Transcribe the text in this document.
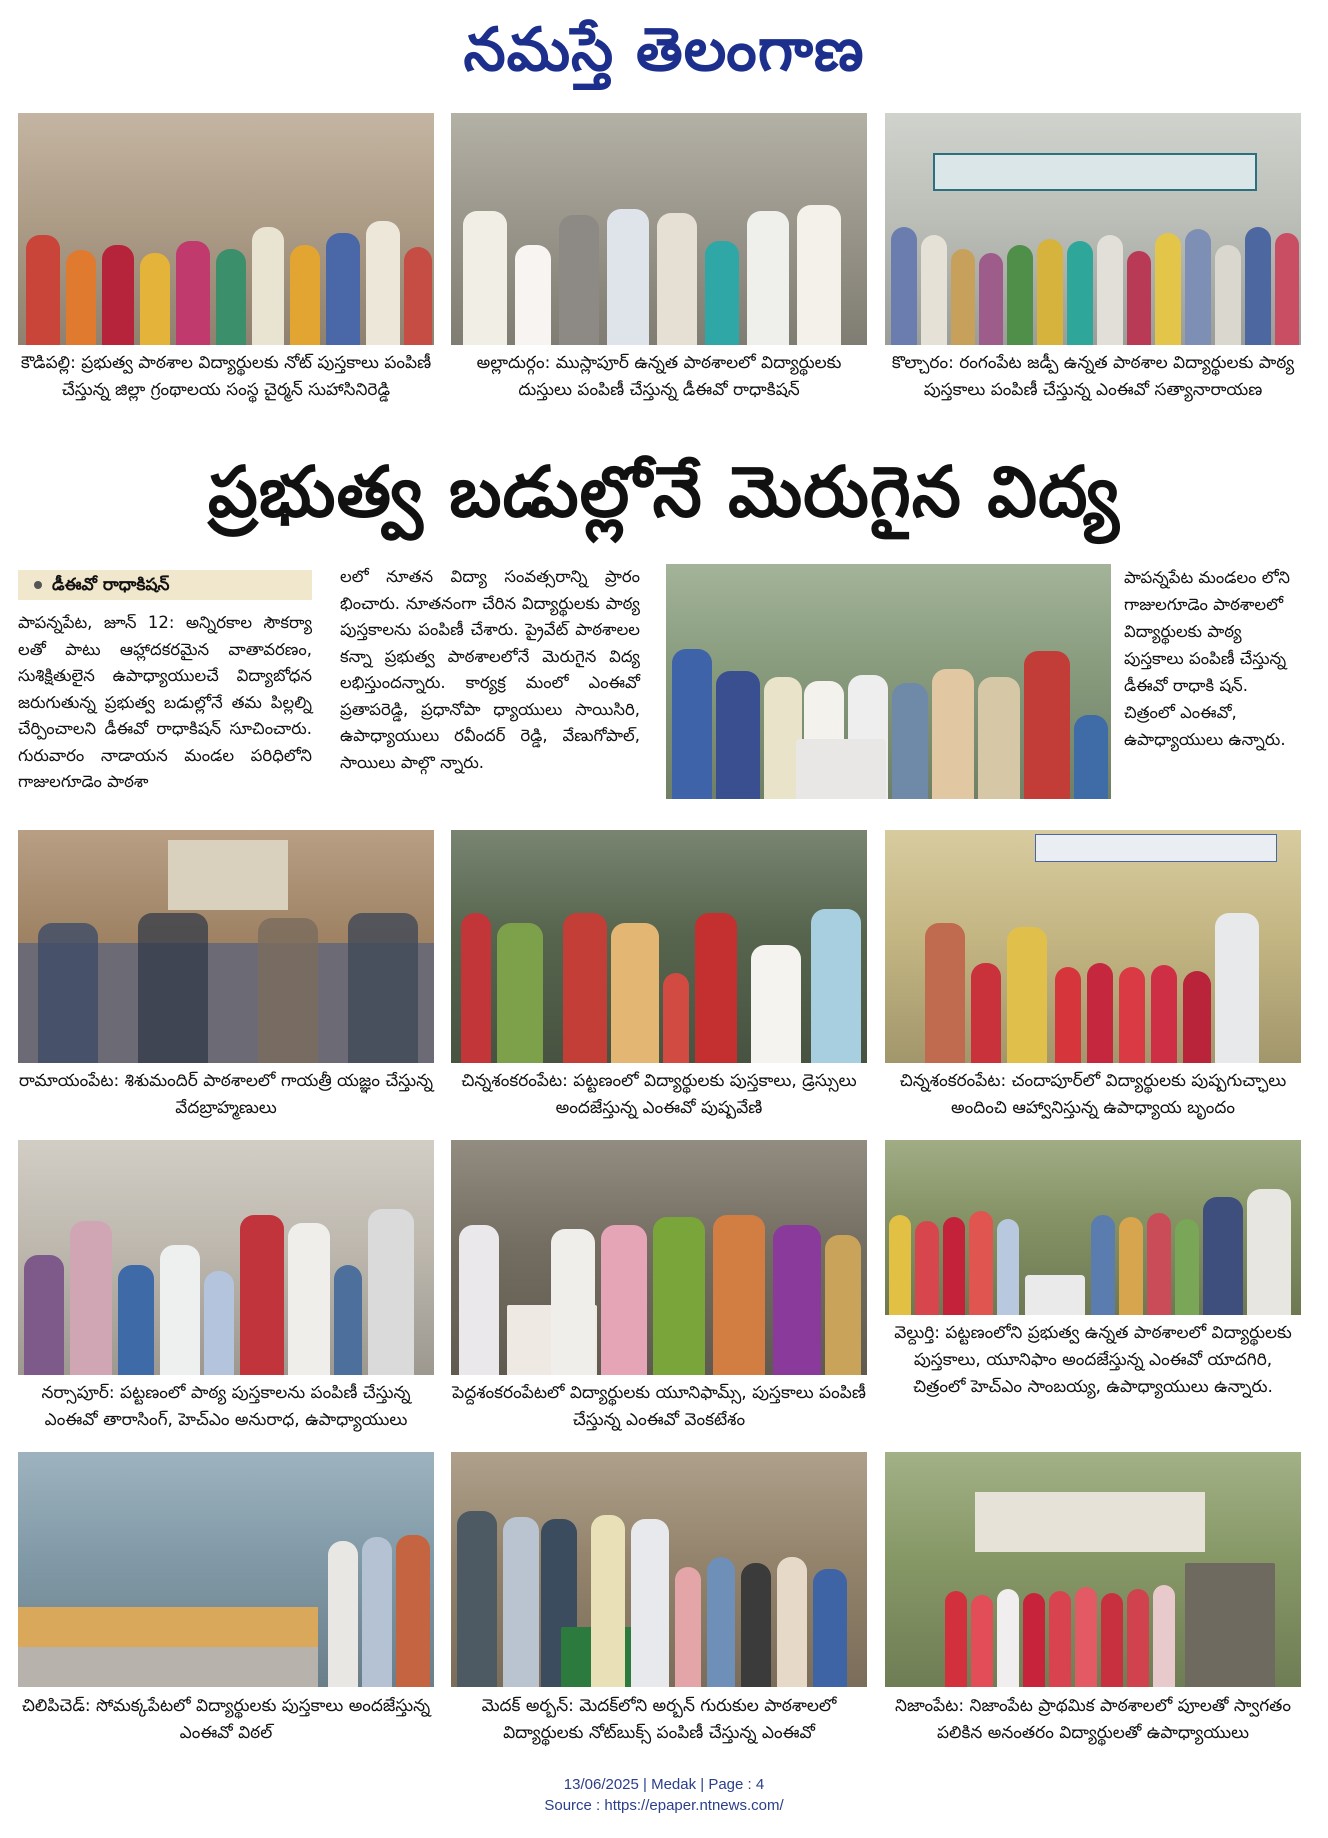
నమస్తే తెలంగాణ
కౌడిపల్లి: ప్రభుత్వ పాఠశాల విద్యార్థులకు నోట్ పుస్తకాలు పంపిణీ చేస్తున్న జిల్లా గ్రంథాలయ సంస్థ చైర్మన్ సుహాసినిరెడ్డి
అల్లాదుర్గం: ముస్లాపూర్ ఉన్నత పాఠశాలలో విద్యార్థులకు దుస్తులు పంపిణీ చేస్తున్న డీఈవో రాధాకిషన్
కొల్చారం: రంగంపేట జడ్పీ ఉన్నత పాఠశాల విద్యార్థులకు పాఠ్య పుస్తకాలు పంపిణీ చేస్తున్న ఎంఈవో సత్యానారాయణ
ప్రభుత్వ బడుల్లోనే మెరుగైన విద్య
డీఈవో రాధాకిషన్
పాపన్నపేట, జూన్ 12: అన్నిరకాల సౌకర్యా లతో పాటు ఆహ్లాదకరమైన వాతావరణం, సుశిక్షితులైన ఉపాధ్యాయులచే విద్యాబోధన జరుగుతున్న ప్రభుత్వ బడుల్లోనే తమ పిల్లల్ని చేర్పించాలని డీఈవో రాధాకిషన్ సూచించారు. గురువారం నాడాయన మండల పరిధిలోని గాజులగూడెం పాఠశా
లలో నూతన విద్యా సంవత్సరాన్ని ప్రారం భించారు. నూతనంగా చేరిన విద్యార్థులకు పాఠ్య పుస్తకాలను పంపిణీ చేశారు. ప్రైవేట్ పాఠశాలల కన్నా ప్రభుత్వ పాఠశాలలోనే మెరుగైన విద్య లభిస్తుందన్నారు. కార్యక్ర మంలో ఎంఈవో ప్రతాపరెడ్డి, ప్రధానోపా ధ్యాయులు సాయిసిరి, ఉపాధ్యాయులు రవీందర్ రెడ్డి, వేణుగోపాల్, సాయిలు పాల్గొ న్నారు.
పాపన్నపేట మండలం లోని గాజులగూడెం పాఠశాలలో విద్యార్థులకు పాఠ్య పుస్తకాలు పంపిణీ చేస్తున్న డీఈవో రాధాకి షన్. చిత్రంలో ఎంఈవో, ఉపాధ్యాయులు ఉన్నారు.
రామాయంపేట: శిశుమందిర్ పాఠశాలలో గాయత్రీ యజ్ఞం చేస్తున్న వేదబ్రాహ్మణులు
చిన్నశంకరంపేట: పట్టణంలో విద్యార్థులకు పుస్తకాలు, డ్రెస్సులు అందజేస్తున్న ఎంఈవో పుష్పవేణి
చిన్నశంకరంపేట: చందాపూర్‌లో విద్యార్థులకు పుష్పగుచ్ఛాలు అందించి ఆహ్వానిస్తున్న ఉపాధ్యాయ బృందం
నర్సాపూర్: పట్టణంలో పాఠ్య పుస్తకాలను పంపిణీ చేస్తున్న ఎంఈవో తారాసింగ్, హెచ్ఎం అనురాధ, ఉపాధ్యాయులు
పెద్దశంకరంపేటలో విద్యార్థులకు యూనిఫామ్స్, పుస్తకాలు పంపిణీ చేస్తున్న ఎంఈవో వెంకటేశం
వెల్దుర్తి: పట్టణంలోని ప్రభుత్వ ఉన్నత పాఠశాలలో విద్యార్థులకు పుస్తకాలు, యూనిఫాం అందజేస్తున్న ఎంఈవో యాదగిరి, చిత్రంలో హెచ్ఎం సాంబయ్య, ఉపాధ్యాయులు ఉన్నారు.
చిలిపిచెడ్: సోమక్కపేటలో విద్యార్థులకు పుస్తకాలు అందజేస్తున్న ఎంఈవో విఠల్
మెదక్ అర్బన్: మెదక్‌లోని అర్బన్ గురుకుల పాఠశాలలో విద్యార్థులకు నోట్‌బుక్స్ పంపిణీ చేస్తున్న ఎంఈవో
నిజాంపేట: నిజాంపేట ప్రాథమిక పాఠశాలలో పూలతో స్వాగతం పలికిన అనంతరం విద్యార్థులతో ఉపాధ్యాయులు
13/06/2025 | Medak | Page : 4
Source : https://epaper.ntnews.com/
